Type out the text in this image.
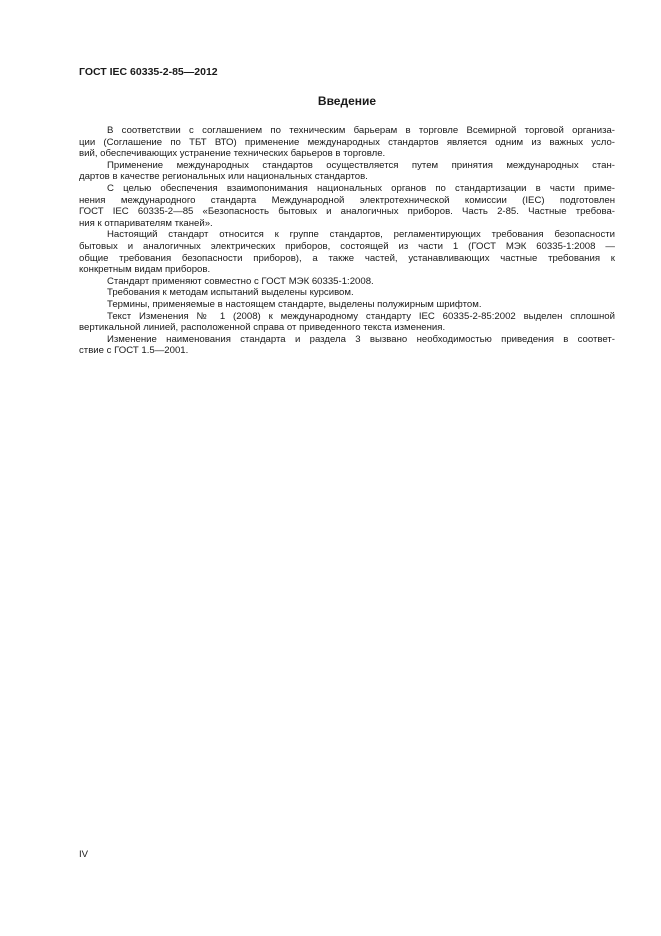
ГОСТ IEC 60335-2-85—2012
Введение

В соответствии с соглашением по техническим барьерам в торговле Всемирной торговой организа-
ции (Соглашение по ТБТ ВТО) применение международных стандартов является одним из важных усло-
вий, обеспечивающих устранение технических барьеров в торговле.

Применение международных стандартов осуществляется путем принятия международных стан-
дартов в качестве региональных или национальных стандартов.

С целью обеспечения взаимопонимания национальных органов по стандартизации в части приме-
нения международного стандарта Международной электротехнической комиссии (IEC) подготовлен
ГОСТ IEC 60335-2—85 «Безопасность бытовых и аналогичных приборов. Часть 2-85. Частные требова-
ния к отпаривателям тканей».

Настоящий стандарт относится к группе стандартов, регламентирующих требования безопасности
бытовых и аналогичных электрических приборов, состоящей из части 1 (ГОСТ МЭК 60335-1:2008 —
общие требования безопасности приборов), а также частей, устанавливающих частные требования к
конкретным видам приборов.

Стандарт применяют совместно с ГОСТ МЭК 60335-1:2008.

Требования к методам испытаний выделены курсивом.

Термины, применяемые в настоящем стандарте, выделены полужирным шрифтом.

Текст Изменения № 1 (2008) к международному стандарту IEC 60335-2-85:2002 выделен сплошной
вертикальной линией, расположенной справа от приведенного текста изменения.

Изменение наименования стандарта и раздела 3 вызвано необходимостью приведения в соответ-
ствие с ГОСТ 1.5—2001.

IV
